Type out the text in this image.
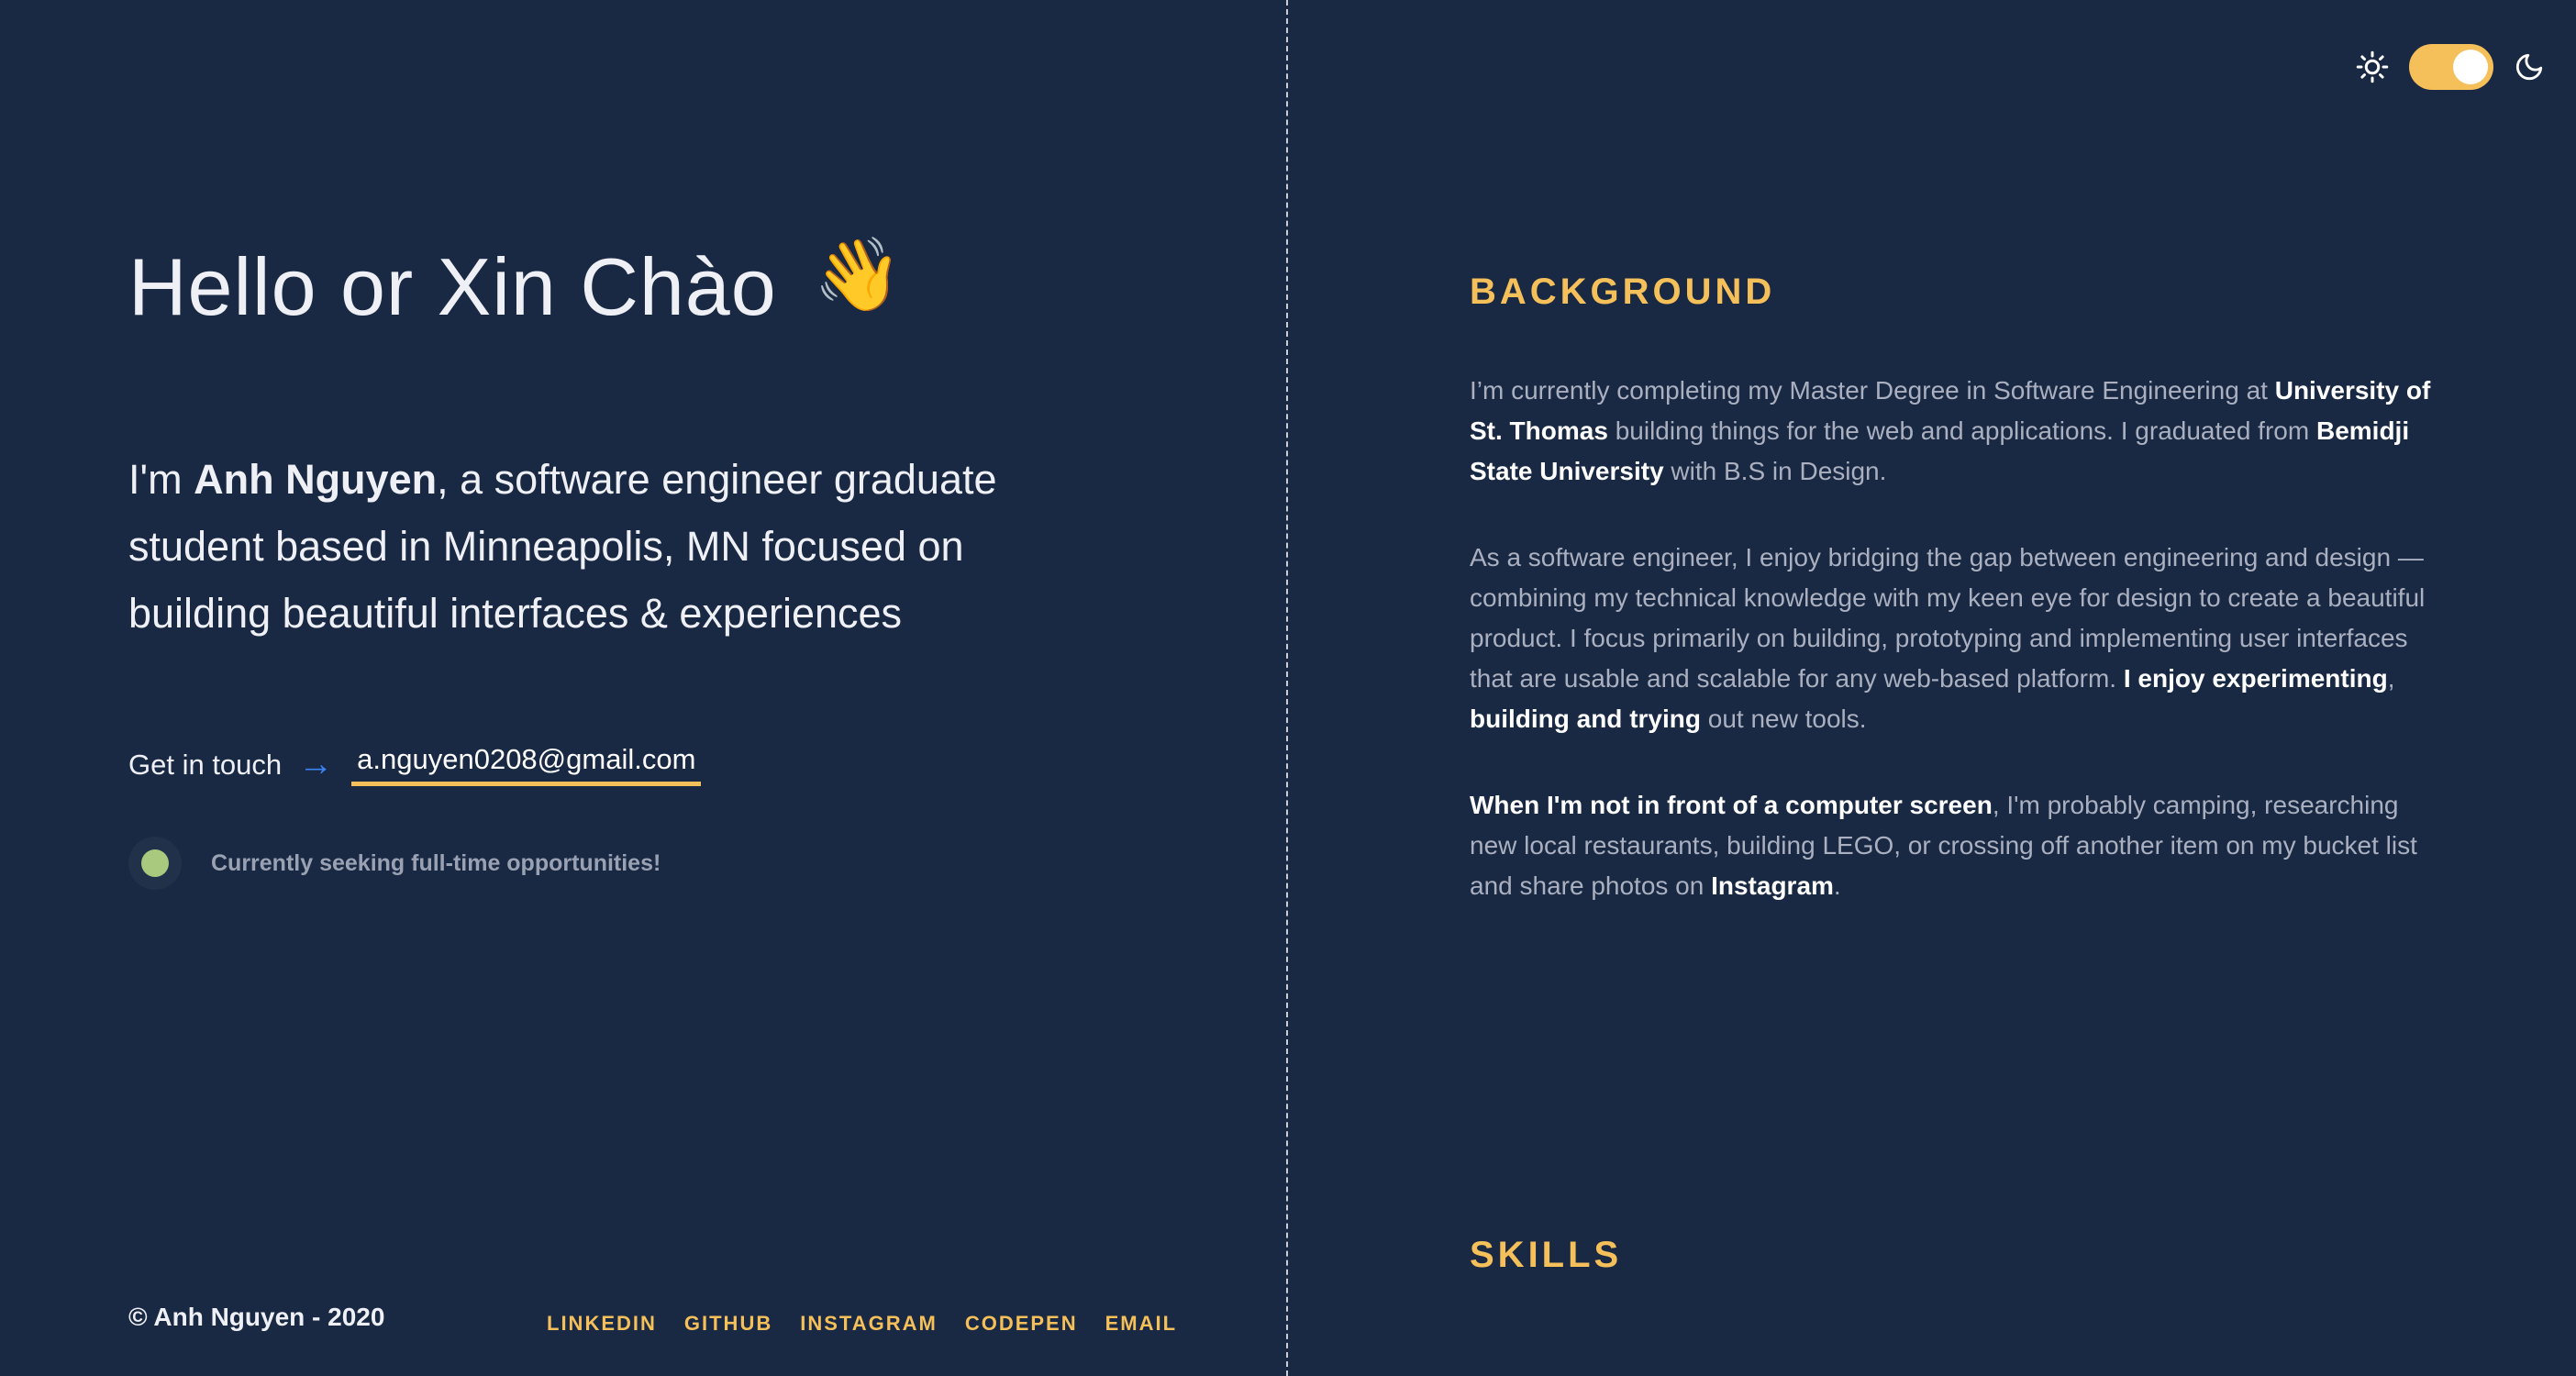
Hello or Xin Chào 👋

I'm Anh Nguyen, a software engineer graduate student based in Minneapolis, MN focused on building beautiful interfaces & experiences

Get in touch → a.nguyen0208@gmail.com
Currently seeking full-time opportunities!
© Anh Nguyen - 2020	LINKEDIN GITHUB INSTAGRAM CODEPEN EMAIL
BACKGROUND

I’m currently completing my Master Degree in Software Engineering at University of St. Thomas building things for the web and applications. I graduated from Bemidji State University with B.S in Design.

As a software engineer, I enjoy bridging the gap between engineering and design — combining my technical knowledge with my keen eye for design to create a beautiful product. I focus primarily on building, prototyping and implementing user interfaces that are usable and scalable for any web-based platform. I enjoy experimenting, building and trying out new tools.

When I'm not in front of a computer screen, I'm probably camping, researching new local restaurants, building LEGO, or crossing off another item on my bucket list and share photos on Instagram.

SKILLS
